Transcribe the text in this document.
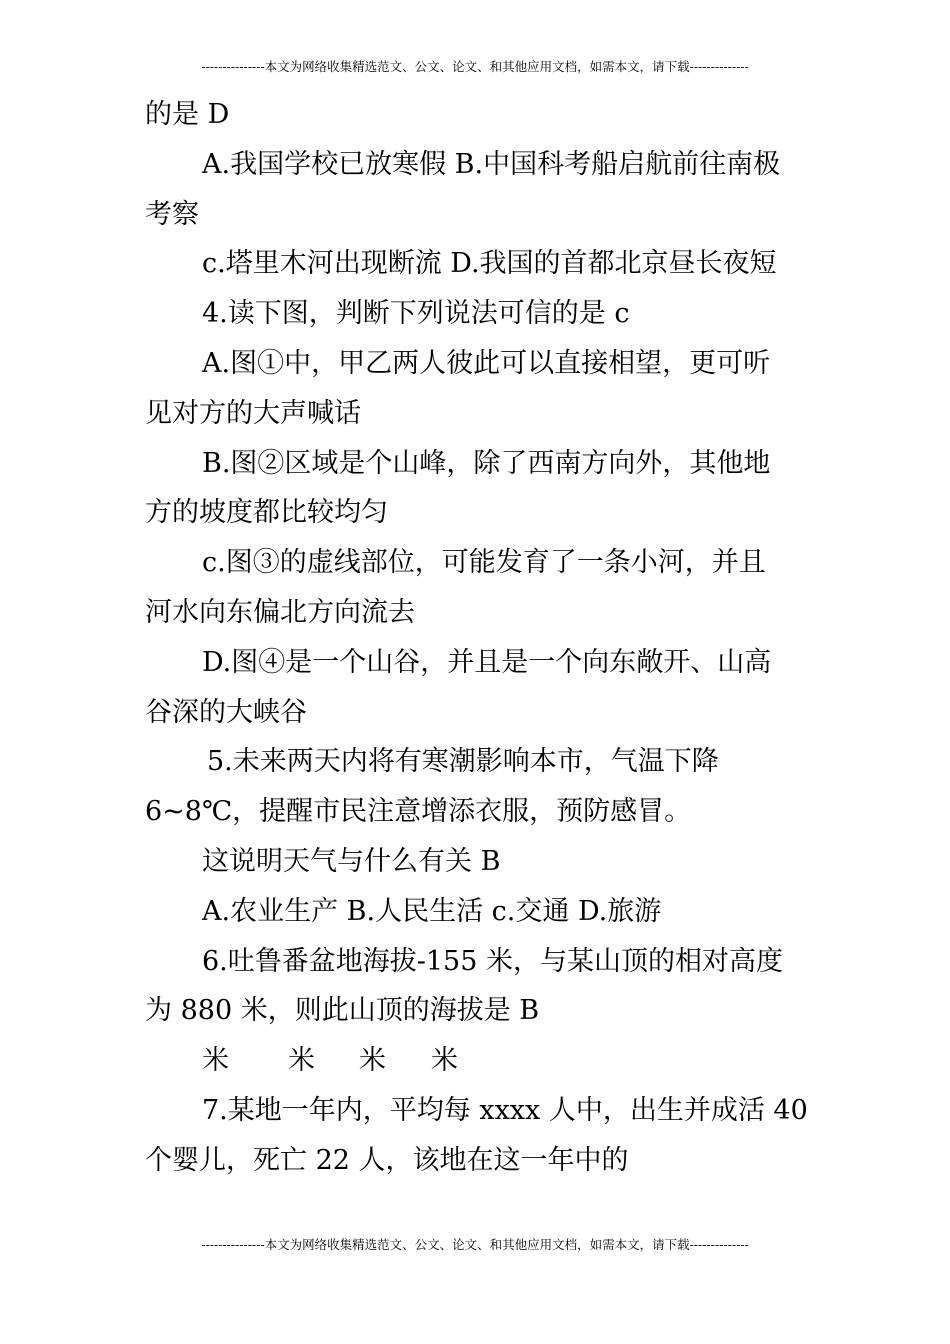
---------------本文为网络收集精选范文、公文、论文、和其他应用文档，如需本文，请下载--------------
的是 D
A.我国学校已放寒假 B.中国科考船启航前往南极
考察
c.塔里木河出现断流 D.我国的首都北京昼长夜短
4.读下图，判断下列说法可信的是 c
A.图①中，甲乙两人彼此可以直接相望，更可听
见对方的大声喊话
B.图②区域是个山峰，除了西南方向外，其他地
方的坡度都比较均匀
c.图③的虚线部位，可能发育了一条小河，并且
河水向东偏北方向流去
D.图④是一个山谷，并且是一个向东敞开、山高
谷深的大峡谷
5.未来两天内将有寒潮影响本市，气温下降
6~8℃，提醒市民注意增添衣服，预防感冒。
这说明天气与什么有关 B
A.农业生产 B.人民生活 c.交通 D.旅游
6.吐鲁番盆地海拔-155 米，与某山顶的相对高度
为 880 米，则此山顶的海拔是 B
米 米 米 米
7.某地一年内，平均每 xxxx 人中，出生并成活 40
个婴儿，死亡 22 人，该地在这一年中的
---------------本文为网络收集精选范文、公文、论文、和其他应用文档，如需本文，请下载--------------
